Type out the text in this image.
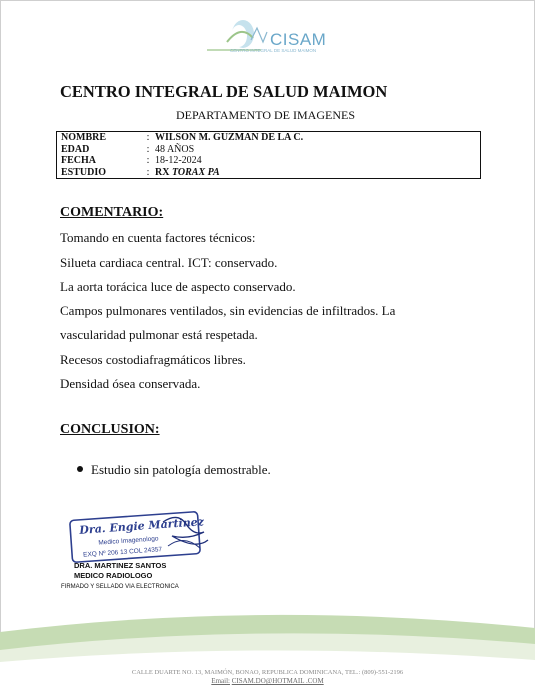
CISAM
CENTRO INTEGRAL DE SALUD MAIMON
CENTRO INTEGRAL DE SALUD MAIMON
DEPARTAMENTO DE IMAGENES
NOMBRE	: WILSON M. GUZMAN DE LA C.
EDAD	: 48 AÑOS
FECHA	: 18-12-2024
ESTUDIO	: RX TORAX PA
COMENTARIO:
Tomando en cuenta factores técnicos:
Silueta cardiaca central. ICT: conservado.
La aorta torácica luce de aspecto conservado.
Campos pulmonares ventilados, sin evidencias de infiltrados. La
vascularidad pulmonar está respetada.
Recesos costodiafragmáticos libres.
Densidad ósea conservada.
CONCLUSION:
Estudio sin patología demostrable.
Dra. Engie Martinez
Medico Imagenologo
EXQ Nº 206 13 COL 24357
DRA. MARTINEZ SANTOS
MEDICO RADIOLOGO
FIRMADO Y SELLADO VIA ELECTRONICA
CALLE DUARTE NO. 13, MAIMÓN, BONAO, REPUBLICA DOMINICANA, TEL.: (809)-551-2196
Email: CISAM.DO@HOTMAIL .COM
